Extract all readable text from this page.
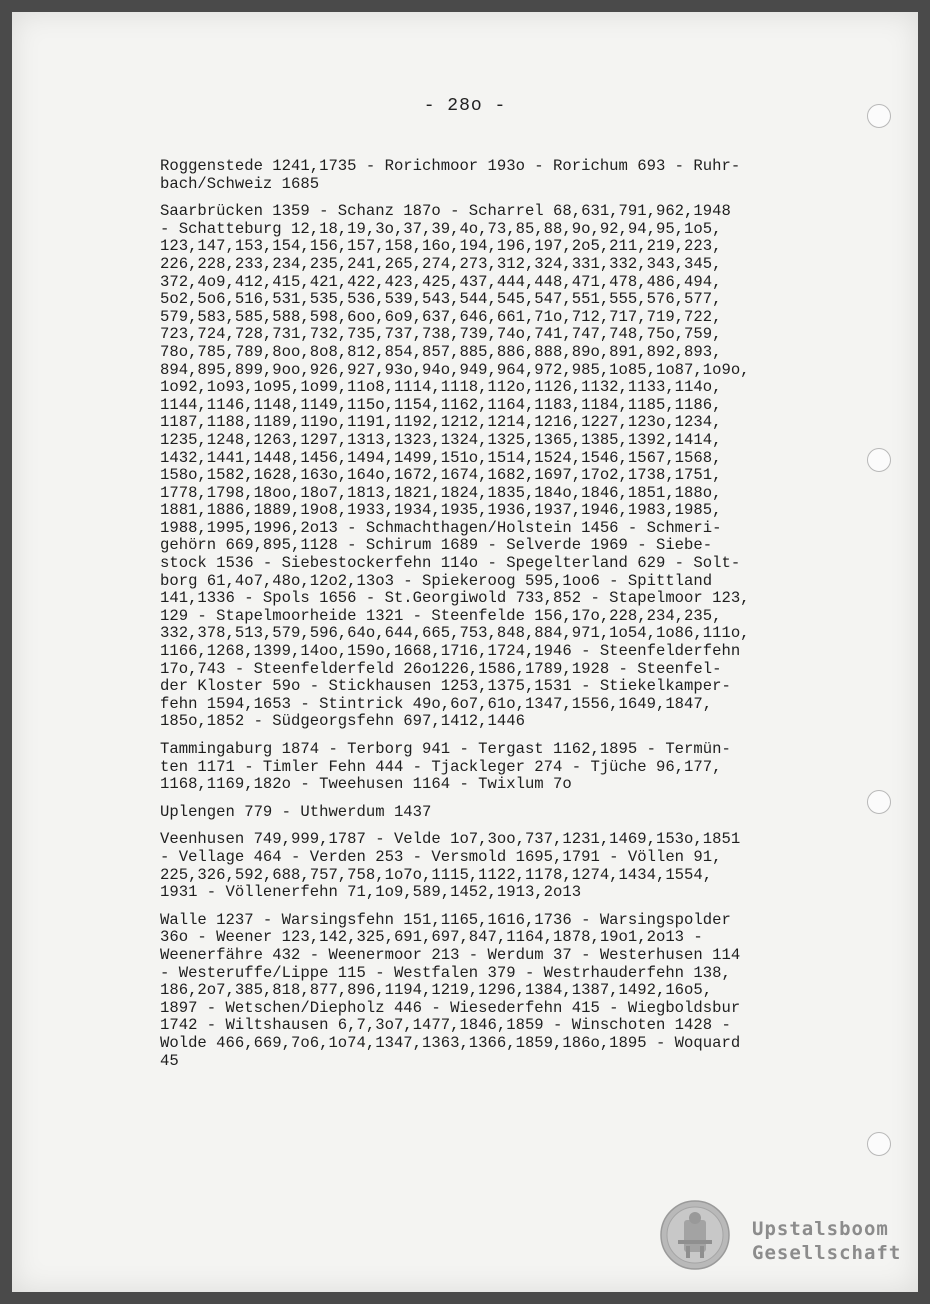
- 28o -
Roggenstede 1241,1735 - Rorichmoor 193o - Rorichum 693 - Ruhr-
bach/Schweiz 1685
Saarbrücken 1359 - Schanz 187o - Scharrel 68,631,791,962,1948
- Schatteburg 12,18,19,3o,37,39,4o,73,85,88,9o,92,94,95,1o5,
123,147,153,154,156,157,158,16o,194,196,197,2o5,211,219,223,
226,228,233,234,235,241,265,274,273,312,324,331,332,343,345,
372,4o9,412,415,421,422,423,425,437,444,448,471,478,486,494,
5o2,5o6,516,531,535,536,539,543,544,545,547,551,555,576,577,
579,583,585,588,598,6oo,6o9,637,646,661,71o,712,717,719,722,
723,724,728,731,732,735,737,738,739,74o,741,747,748,75o,759,
78o,785,789,8oo,8o8,812,854,857,885,886,888,89o,891,892,893,
894,895,899,9oo,926,927,93o,94o,949,964,972,985,1o85,1o87,1o9o,
1o92,1o93,1o95,1o99,11o8,1114,1118,112o,1126,1132,1133,114o,
1144,1146,1148,1149,115o,1154,1162,1164,1183,1184,1185,1186,
1187,1188,1189,119o,1191,1192,1212,1214,1216,1227,123o,1234,
1235,1248,1263,1297,1313,1323,1324,1325,1365,1385,1392,1414,
1432,1441,1448,1456,1494,1499,151o,1514,1524,1546,1567,1568,
158o,1582,1628,163o,164o,1672,1674,1682,1697,17o2,1738,1751,
1778,1798,18oo,18o7,1813,1821,1824,1835,184o,1846,1851,188o,
1881,1886,1889,19o8,1933,1934,1935,1936,1937,1946,1983,1985,
1988,1995,1996,2o13 - Schmachthagen/Holstein 1456 - Schmeri-
gehörn 669,895,1128 - Schirum 1689 - Selverde 1969 - Siebe-
stock 1536 - Siebestockerfehn 114o - Spegelterland 629 - Solt-
borg 61,4o7,48o,12o2,13o3 - Spiekeroog 595,1oo6 - Spittland
141,1336 - Spols 1656 - St.Georgiwold 733,852 - Stapelmoor 123,
129 - Stapelmoorheide 1321 - Steenfelde 156,17o,228,234,235,
332,378,513,579,596,64o,644,665,753,848,884,971,1o54,1o86,111o,
1166,1268,1399,14oo,159o,1668,1716,1724,1946 - Steenfelderfehn
17o,743 - Steenfelderfeld 26o1226,1586,1789,1928 - Steenfel-
der Kloster 59o - Stickhausen 1253,1375,1531 - Stiekelkamper-
fehn 1594,1653 - Stintrick 49o,6o7,61o,1347,1556,1649,1847,
185o,1852 - Südgeorgsfehn 697,1412,1446
Tammingaburg 1874 - Terborg 941 - Tergast 1162,1895 - Termün-
ten 1171 - Timler Fehn 444 - Tjackleger 274 - Tjüche 96,177,
1168,1169,182o - Tweehusen 1164 - Twixlum 7o
Uplengen 779 - Uthwerdum 1437
Veenhusen 749,999,1787 - Velde 1o7,3oo,737,1231,1469,153o,1851
- Vellage 464 - Verden 253 - Versmold 1695,1791 - Völlen 91,
225,326,592,688,757,758,1o7o,1115,1122,1178,1274,1434,1554,
1931 - Völlenerfehn 71,1o9,589,1452,1913,2o13
Walle 1237 - Warsingsfehn 151,1165,1616,1736 - Warsingspolder
36o - Weener 123,142,325,691,697,847,1164,1878,19o1,2o13 -
Weenerfähre 432 - Weenermoor 213 - Werdum 37 - Westerhusen 114
- Westeruffe/Lippe 115 - Westfalen 379 - Westrhauderfehn 138,
186,2o7,385,818,877,896,1194,1219,1296,1384,1387,1492,16o5,
1897 - Wetschen/Diepholz 446 - Wiesederfehn 415 - Wiegboldsbur
1742 - Wiltshausen 6,7,3o7,1477,1846,1859 - Winschoten 1428 -
Wolde 466,669,7o6,1o74,1347,1363,1366,1859,186o,1895 - Woquard
45
Upstalsboom
Gesellschaft
